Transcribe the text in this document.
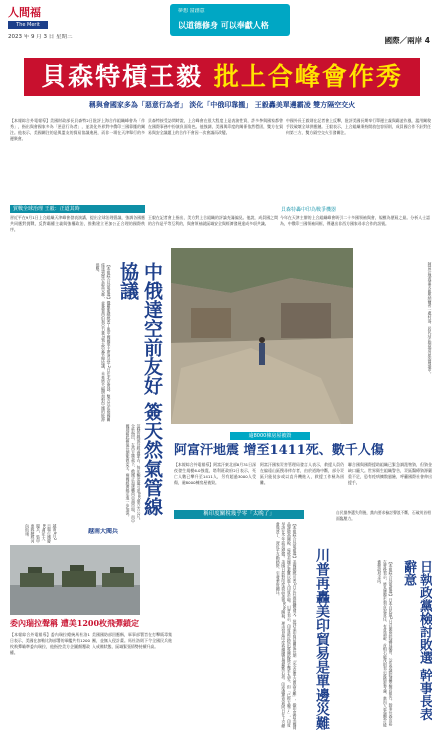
人間福
The Merit
2023 年 9 月 3 日 星期三
夢想 富創意
以道德修身 可以奉獻人格
國際／兩岸 4
貝森特槓王毅 批上合峰會作秀
稱與會國家多為「惡意行為者」 淡化「中俄印靠攏」 王毅轟美單邊霸凌 雙方隔空交火
【本報綜合外電報導】美國財政部長貝森特2日批評上海合作組織峰會為「作秀」，指出與會國家多為「惡意行為者」，並淡化外界對中俄印三國靠攏的關注。他表示，美國關注的是與盟友的貿易協議進展，而非一場在天津舉行的多邊聚會。
貝森特接受訪問時說，上合峰會在很大程度上是表演性質，許多參與國家都曾在國際事務中扮演負面角色。他強調，美國與印度的關係依然穩固，雙方在貿易與安全議題上的合作不會因一次會議而改變。
中國外長王毅則在記者會上反擊，批評美國長期奉行單邊主義與霸凌作風，濫用關稅手段破壞全球供應鏈。王毅表示，上合組織秉持開放包容原則，成員國合作不針對任何第三方，雙方隔空交火引發關注。
貿戰全球治理 王毅：正道其時	貝森特轟中印為戰爭機器
習近平在9月1日上合組織天津峰會發表演講，提出全球治理倡議，強調各國應共同應對挑戰，反對霸權主義與強權政治，推動建立更加公正合理的國際秩序。
王毅在記者會上指出，美方對上合組織的評論充滿偏見。他說，成員國之間的合作是平等互利的，與會領袖就區域安全與經濟發展達成多項共識。
今年在天津主辦的上合組織峰會吸引二十多國領袖與會，規模為歷屆之最。分析人士認為，中俄印三國領袖同框，傳遞出非西方國家尋求合作的訊號。
【本報綜合外電報導】俄羅斯總統普丁與中國國家主席習近平2日在北京會談，雙方宣布兩國關係達到歷史最高水準，並簽署西伯利亞力量2號天然氣管線協議，未來將大幅增加對中國的能源供應。
這條管線預計經過蒙古，每年輸送量可達500億立方公尺。分析指出，在西方制裁下，俄國正加速轉向亞洲市場，而中國則藉此確保長期能源安全，兩國經濟綁定進一步加深。 中俄達空前友好 簽天然氣管線協議	阿富汗地震重災區庫納爾省一處村落，居民站在倒塌房屋的廢墟中。
逾8000棟房屋被毀
阿富汗地震 增至1411死、數千人傷
【本報綜合外電報導】阿富汗東北部8月31日深夜發生規模6.0強震，塔利班政府2日表示，死亡人數已攀升至1411人，另有超過3000人受傷，逾8000棟房屋被毀。
阿富汗國家災害管理局發言人表示，救援人員仍在偏遠山區搜尋倖存者，由於道路中斷，部分災區只能徒步或以直升機進入，救援工作極為困難。
聯合國與國際援助組織已緊急調派物資，但資金缺口龐大。世界衛生組織警告，災區醫療資源嚴重不足，恐有疫病擴散風險，呼籲國際社會伸出援手。
越南9月2日舉行國慶80週年大閱兵，裝甲車隊駛經河內街頭。	越南大閱兵
委內瑞拉聲稱 遭美1200枚飛彈鎖定
【本報綜合外電報導】委內瑞拉總統馬杜洛1日表示，美國在加勒比海部署的軍艦共有1200枚飛彈瞄準委內瑞拉，他指控美方企圖顛覆政權。
美國國防部回應稱，軍事部署旨在打擊販毒集團，並無入侵計畫。馬杜洛則下令全國民兵進入戒備狀態，區域緊張情勢持續升高。
稱印度關稅幾乎零「太晚了」
【本報綜合外電報導】美國總統川普1日在社群媒體發文，批評美印貿易關係長期「完全是單方面的災難」，指印度對美國商品課徵高關稅，導致美國企業難以進入印度市場。川普表示，印度最近提出將關稅降至幾乎為零，但「已經太晚了」，印度早該在多年前這麼做。美國日前對印度商品加徵50%關稅，理由包括印度持續購買俄羅斯石油。印度總理莫迪同日在上合峰會與普丁、習近平互動熱絡，引發華府關注。	川普再轟美印貿易是單邊災難
自民黨參選失利後，黨內要求檢討聲浪不斷，石破茂首相面臨壓力。
【本報綜合外電報導】日本自民黨2日召開兩院議員總會，公布參議院選舉檢討報告。幹事長森山裕在會後表示，將為選舉失利負起責任，有意請辭。首相石破茂則表示將慎重考慮，黨內人事調整可能牽動政局走向。	日執政黨檢討敗選 幹事長表辭意
